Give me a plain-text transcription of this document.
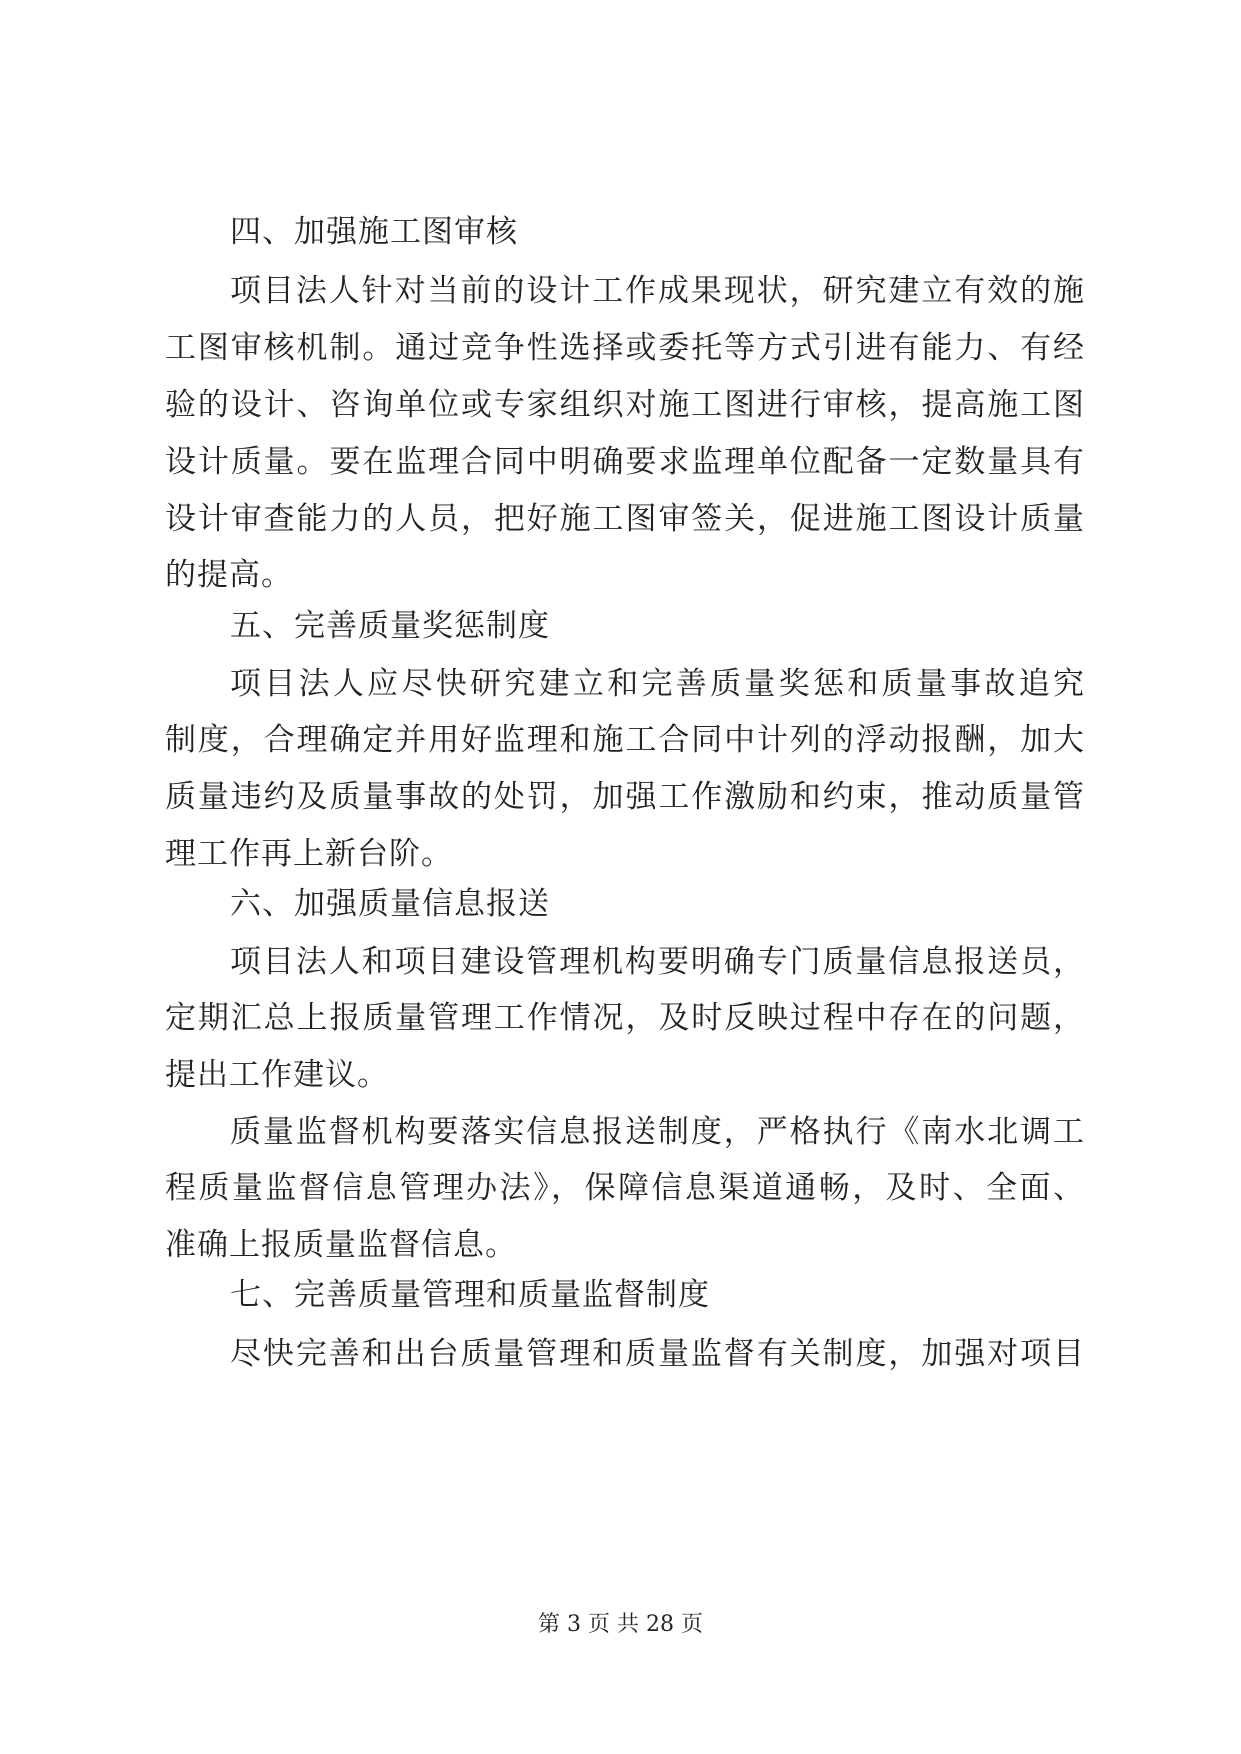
四、加强施工图审核
项目法人针对当前的设计工作成果现状，研究建立有效的施
工图审核机制。通过竞争性选择或委托等方式引进有能力、有经
验的设计、咨询单位或专家组织对施工图进行审核，提高施工图
设计质量。要在监理合同中明确要求监理单位配备一定数量具有
设计审查能力的人员，把好施工图审签关，促进施工图设计质量
的提高。
五、完善质量奖惩制度
项目法人应尽快研究建立和完善质量奖惩和质量事故追究
制度，合理确定并用好监理和施工合同中计列的浮动报酬，加大
质量违约及质量事故的处罚，加强工作激励和约束，推动质量管
理工作再上新台阶。
六、加强质量信息报送
项目法人和项目建设管理机构要明确专门质量信息报送员，
定期汇总上报质量管理工作情况，及时反映过程中存在的问题，
提出工作建议。
质量监督机构要落实信息报送制度，严格执行《南水北调工
程质量监督信息管理办法》，保障信息渠道通畅，及时、全面、
准确上报质量监督信息。
七、完善质量管理和质量监督制度
尽快完善和出台质量管理和质量监督有关制度，加强对项目
第 3 页 共 28 页
